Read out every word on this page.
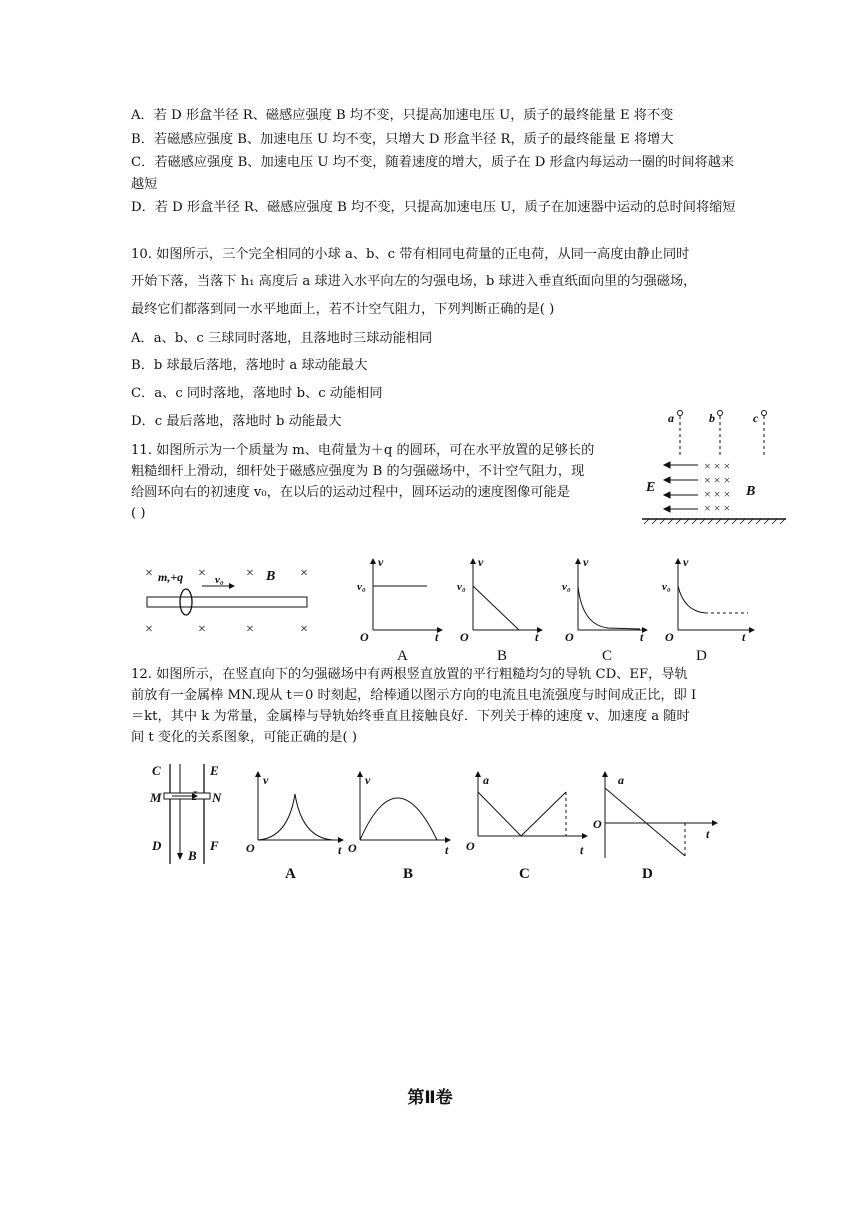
A．若 D 形盒半径 R、磁感应强度 B 均不变，只提高加速电压 U，质子的最终能量 E 将不变
B．若磁感应强度 B、加速电压 U 均不变，只增大 D 形盒半径 R，质子的最终能量 E 将增大
C．若磁感应强度 B、加速电压 U 均不变，随着速度的增大，质子在 D 形盒内每运动一圈的时间将越来
越短
D．若 D 形盒半径 R、磁感应强度 B 均不变，只提高加速电压 U，质子在加速器中运动的总时间将缩短
10. 如图所示，三个完全相同的小球 a、b、c 带有相同电荷量的正电荷，从同一高度由静止同时
开始下落，当落下 h₁ 高度后 a 球进入水平向左的匀强电场，b 球进入垂直纸面向里的匀强磁场，
最终它们都落到同一水平地面上，若不计空气阻力，下列判断正确的是( )
A．a、b、c 三球同时落地，且落地时三球动能相同
B．b 球最后落地，落地时 a 球动能最大
C．a、c 同时落地，落地时 b、c 动能相同
D．c 最后落地，落地时 b 动能最大	a	b	c
E
× × ×
× × ×
× × ×
× × ×
B
11. 如图所示为一个质量为 m、电荷量为＋q 的圆环，可在水平放置的足够长的
粗糙细杆上滑动，细杆处于磁感应强度为 B 的匀强磁场中，不计空气阻力，现
给圆环向右的初速度 v₀，在以后的运动过程中，圆环运动的速度图像可能是
( )
×	×	×	×
×	×	×	×
m,+q	v₀	B
v
v₀
O	t
A
v
v₀
O	t
B
v
v₀
O	t
C
v
v₀
O	t
D
12. 如图所示，在竖直向下的匀强磁场中有两根竖直放置的平行粗糙均匀的导轨 CD、EF，导轨
前放有一金属棒 MN.现从 t＝0 时刻起，给棒通以图示方向的电流且电流强度与时间成正比，即 I
＝kt，其中 k 为常量，金属棒与导轨始终垂直且接触良好．下列关于棒的速度 v、加速度 a 随时
间 t 变化的关系图象，可能正确的是( )
C	E
M	N
D	F
B
v
O	t
A
v
O	t
B
a
O	t
C
a
O
t
D
第Ⅱ卷
